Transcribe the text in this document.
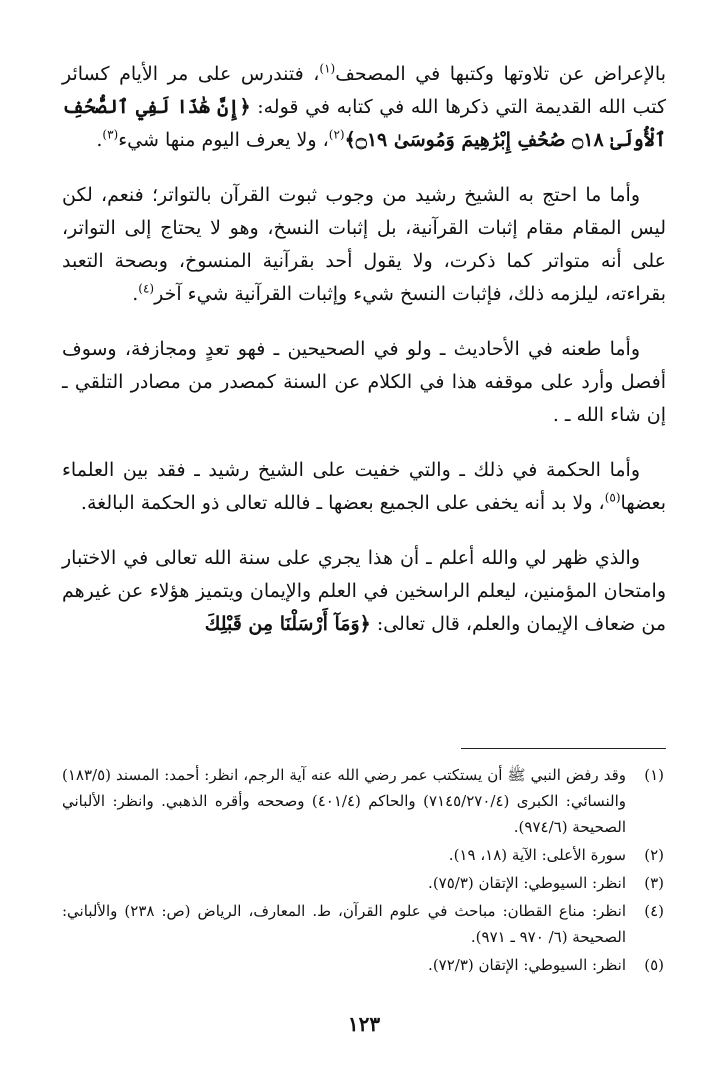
بالإعراض عن تلاوتها وكتبها في المصحف$^{(١)}$، فتندرس على مر الأيام كسائر كتب الله القديمة التي ذكرها الله في كتابه في قوله: ﴿إِنَّ هَٰذَا لَفِي ٱلصُّحُفِ ٱلْأُولَىٰ ۝١٨ صُحُفِ إِبْرَٰهِيمَ وَمُوسَىٰ ۝١٩﴾$^{(٢)}$، ولا يعرف اليوم منها شيء$^{(٣)}$.

وأما ما احتج به الشيخ رشيد من وجوب ثبوت القرآن بالتواتر؛ فنعم، لكن ليس المقام مقام إثبات القرآنية، بل إثبات النسخ، وهو لا يحتاج إلى التواتر، على أنه متواتر كما ذكرت، ولا يقول أحد بقرآنية المنسوخ، وبصحة التعبد بقراءته، ليلزمه ذلك، فإثبات النسخ شيء وإثبات القرآنية شيء آخر$^{(٤)}$.

وأما طعنه في الأحاديث ـ ولو في الصحيحين ـ فهو تعدٍ ومجازفة، وسوف أفصل وأرد على موقفه هذا في الكلام عن السنة كمصدر من مصادر التلقي ـ إن شاء الله ـ .

وأما الحكمة في ذلك ـ والتي خفيت على الشيخ رشيد ـ فقد بين العلماء بعضها$^{(٥)}$، ولا بد أنه يخفى على الجميع بعضها ـ فالله تعالى ذو الحكمة البالغة.

والذي ظهر لي والله أعلم ـ أن هذا يجري على سنة الله تعالى في الاختبار وامتحان المؤمنين، ليعلم الراسخين في العلم والإيمان ويتميز هؤلاء عن غيرهم من ضعاف الإيمان والعلم، قال تعالى: ﴿وَمَآ أَرْسَلْنَا مِن قَبْلِكَ

(١)
وقد رفض النبي ﷺ أن يستكتب عمر رضي الله عنه آية الرجم، انظر: أحمد: المسند (١٨٣/٥) والنسائي: الكبرى (٧١٤٥/٢٧٠/٤) والحاكم (٤٠١/٤) وصححه وأقره الذهبي. وانظر: الألباني الصحيحة (٩٧٤/٦).
(٢)
سورة الأعلى: الآية (١٨، ١٩).
(٣)
انظر: السيوطي: الإتقان (٧٥/٣).
(٤)
انظر: مناع القطان: مباحث في علوم القرآن، ط. المعارف، الرياض (ص: ٢٣٨) والألباني: الصحيحة (٦/ ٩٧٠ ـ ٩٧١).
(٥)
انظر: السيوطي: الإتقان (٧٢/٣).
١٢٣
